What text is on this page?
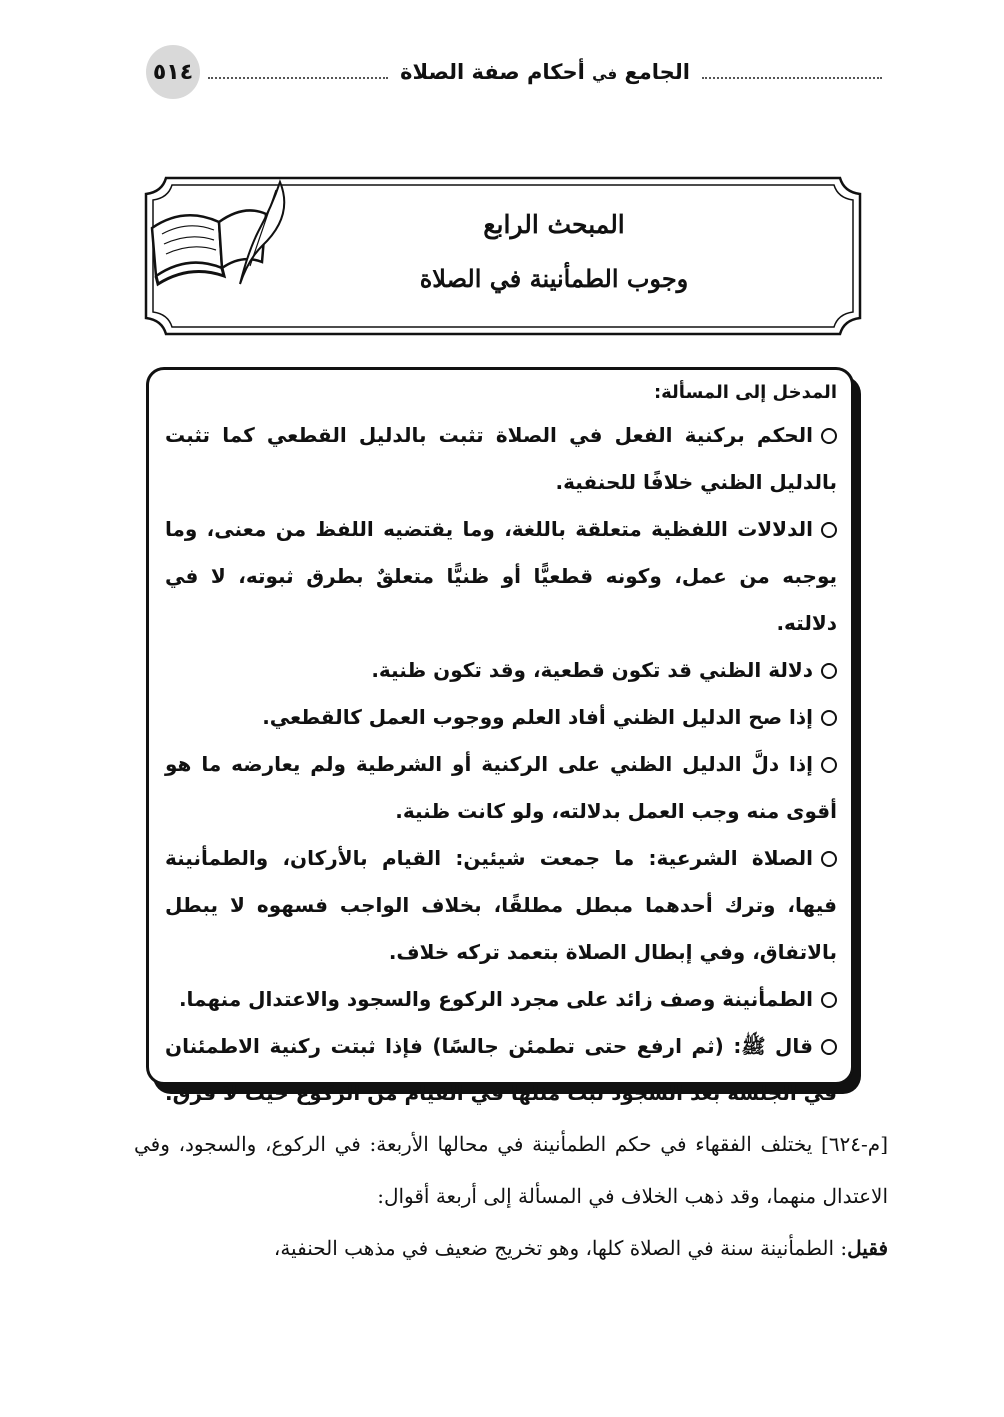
٥١٤	الجامع في أحكام صفة الصلاة
المبحث الرابع
وجوب الطمأنينة في الصلاة
المدخل إلى المسألة:
الحكم بركنية الفعل في الصلاة تثبت بالدليل القطعي كما تثبت بالدليل الظني خلافًا للحنفية.
الدلالات اللفظية متعلقة باللغة، وما يقتضيه اللفظ من معنى، وما يوجبه من عمل، وكونه قطعيًّا أو ظنيًّا متعلقٌ بطرق ثبوته، لا في دلالته.
دلالة الظني قد تكون قطعية، وقد تكون ظنية.
إذا صح الدليل الظني أفاد العلم ووجوب العمل كالقطعي.
إذا دلَّ الدليل الظني على الركنية أو الشرطية ولم يعارضه ما هو أقوى منه وجب العمل بدلالته، ولو كانت ظنية.
الصلاة الشرعية: ما جمعت شيئين: القيام بالأركان، والطمأنينة فيها، وترك أحدهما مبطل مطلقًا، بخلاف الواجب فسهوه لا يبطل بالاتفاق، وفي إبطال الصلاة بتعمد تركه خلاف.
الطمأنينة وصف زائد على مجرد الركوع والسجود والاعتدال منهما.
قال ﷺ: (ثم ارفع حتى تطمئن جالسًا) فإذا ثبتت ركنية الاطمئنان في الجلسة بعد السجود ثبت مثلها في القيام من الركوع حيث لا فرق.

[م-٦٢٤] يختلف الفقهاء في حكم الطمأنينة في محالها الأربعة: في الركوع، والسجود، وفي الاعتدال منهما، وقد ذهب الخلاف في المسألة إلى أربعة أقوال:

فقيل: الطمأنينة سنة في الصلاة كلها، وهو تخريج ضعيف في مذهب الحنفية،
